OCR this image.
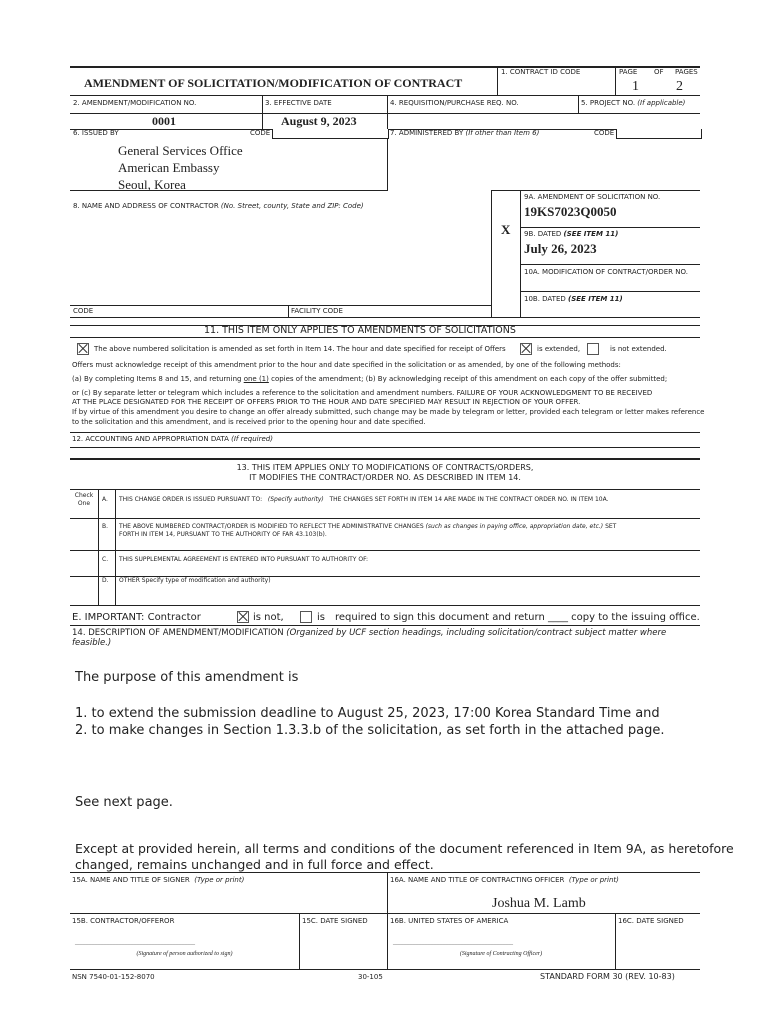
AMENDMENT OF SOLICITATION/MODIFICATION OF CONTRACT
1. CONTRACT ID CODE	PAGE OF PAGES
1	2
2. AMENDMENT/MODIFICATION NO.
0001
3. EFFECTIVE DATE
August 9, 2023
4. REQUISITION/PURCHASE REQ. NO.	5. PROJECT NO. (If applicable)
6. ISSUED BY	CODE
General Services Office
American Embassy
Seoul, Korea
7. ADMINISTERED BY (If other than Item 6)	CODE
8. NAME AND ADDRESS OF CONTRACTOR (No. Street, county, State and ZIP: Code)
X
9A. AMENDMENT OF SOLICITATION NO.
19KS7023Q0050
9B. DATED (SEE ITEM 11)
July 26, 2023
10A. MODIFICATION OF CONTRACT/ORDER NO.
10B. DATED (SEE ITEM 11)
CODE	FACILITY CODE
11. THIS ITEM ONLY APPLIES TO AMENDMENTS OF SOLICITATIONS
The above numbered solicitation is amended as set forth in Item 14. The hour and date specified for receipt of Offers	is extended,	is not extended.
Offers must acknowledge receipt of this amendment prior to the hour and date specified in the solicitation or as amended, by one of the following methods:
(a) By completing Items 8 and 15, and returning one (1) copies of the amendment; (b) By acknowledging receipt of this amendment on each copy of the offer submitted;
or (c) By separate letter or telegram which includes a reference to the solicitation and amendment numbers. FAILURE OF YOUR ACKNOWLEDGMENT TO BE RECEIVED
AT THE PLACE DESIGNATED FOR THE RECEIPT OF OFFERS PRIOR TO THE HOUR AND DATE SPECIFIED MAY RESULT IN REJECTION OF YOUR OFFER.
If by virtue of this amendment you desire to change an offer already submitted, such change may be made by telegram or letter, provided each telegram or letter makes reference
to the solicitation and this amendment, and is received prior to the opening hour and date specified.
12. ACCOUNTING AND APPROPRIATION DATA (If required)
13. THIS ITEM APPLIES ONLY TO MODIFICATIONS OF CONTRACTS/ORDERS,
IT MODIFIES THE CONTRACT/ORDER NO. AS DESCRIBED IN ITEM 14.
Check
One
A. THIS CHANGE ORDER IS ISSUED PURSUANT TO: (Specify authority) THE CHANGES SET FORTH IN ITEM 14 ARE MADE IN THE CONTRACT ORDER NO. IN ITEM 10A.
B. THE ABOVE NUMBERED CONTRACT/ORDER IS MODIFIED TO REFLECT THE ADMINISTRATIVE CHANGES (such as changes in paying office, appropriation date, etc.) SET
FORTH IN ITEM 14, PURSUANT TO THE AUTHORITY OF FAR 43.103(b).
C. THIS SUPPLEMENTAL AGREEMENT IS ENTERED INTO PURSUANT TO AUTHORITY OF:
D. OTHER Specify type of modification and authority)
E. IMPORTANT: Contractor	is not,	is required to sign this document and return ____ copy to the issuing office.
14. DESCRIPTION OF AMENDMENT/MODIFICATION (Organized by UCF section headings, including solicitation/contract subject matter where feasible.)
The purpose of this amendment is
1. to extend the submission deadline to August 25, 2023, 17:00 Korea Standard Time and
2. to make changes in Section 1.3.3.b of the solicitation, as set forth in the attached page.
See next page.
Except at provided herein, all terms and conditions of the document referenced in Item 9A, as heretofore
changed, remains unchanged and in full force and effect.
15A. NAME AND TITLE OF SIGNER (Type or print)	16A. NAME AND TITLE OF CONTRACTING OFFICER (Type or print)
Joshua M. Lamb
15B. CONTRACTOR/OFFEROR	15C. DATE SIGNED	16B. UNITED STATES OF AMERICA	16C. DATE SIGNED
________________________________________
(Signature of person authorized to sign)
________________________________________
(Signature of Contracting Officer)
NSN 7540-01-152-8070	30-105	STANDARD FORM 30 (REV. 10-83)
